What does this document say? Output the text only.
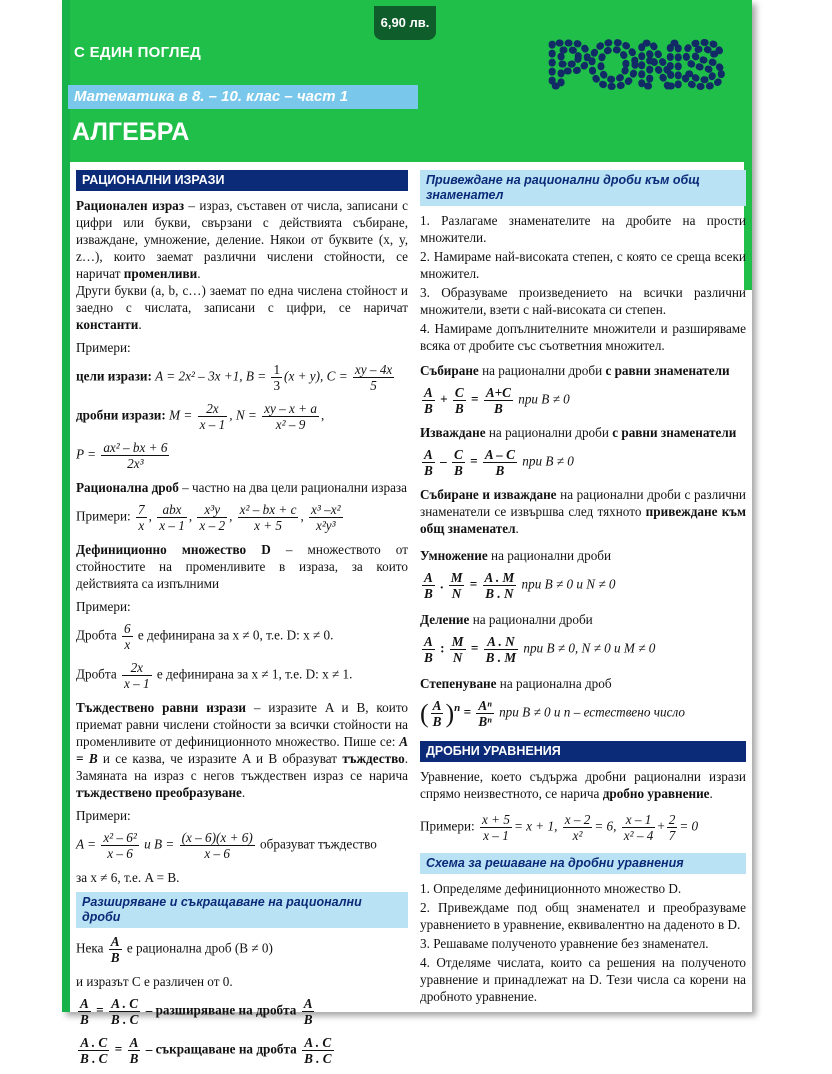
6,90 лв.
С ЕДИН ПОГЛЕД
Математика в 8. – 10. клас – част 1
АЛГЕБРА
PONS
РАЦИОНАЛНИ ИЗРАЗИ

Рационален израз – израз, съставен от числа, записани с цифри или букви, свързани с действията събиране, изваждане, умножение, деление. Някои от буквите (x, y, z…), които заемат различни числени стойности, се наричат променливи.
Други букви (a, b, c…) заемат по една числена стойност и заедно с числата, записани с цифри, се наричат константи.

Примери:

цели изрази: A = 2x² – 3x +1, $B = \frac{1}{3} (x + y)$, $C = \frac{xy - 4x}{5}$
дробни изрази: $M = \frac{2x}{x - 1}$ , $N = \frac{xy - x + a}{\text{x² – 9}}$ ,
$P = \frac{\text{ax² – bx + 6}}{\text{2x³}}$

Рационална дроб – частно на два цели рационални израза

Примери: $\frac{7}{x}$ , $\frac{\text{abx}}{x - 1}$ , $\frac{\text{x³y}}{x - 2}$ , $\frac{\text{x² – bx + c}}{x + 5}$ , $\frac{\text{x³ –x²}}{\text{x²y³}}$

Дефиниционно множество D – множеството от стойностите на променливите в израза, за които действията са изпълними

Примери:

Дробта $\frac{6}{x}$ е дефинирана за x ≠ 0, т.е. D: x ≠ 0.
Дробта $\frac{2x}{x - 1}$ е дефинирана за x ≠ 1, т.е. D: x ≠ 1.

Тъждествено равни изрази – изразите A и B, които приемат равни числени стойности за всички стойности на променливите от дефиниционното множество. Пише се: A = B и се казва, че изразите A и B образуват тъждество. Замяната на израз с негов тъждествен израз се нарича тъждествено преобразуване.

Примери:

$A = \frac{\text{x² – 6²}}{x - 6}$ и $B = \frac{(x - 6)(x + 6)}{x - 6}$ образуват тъждество

за x ≠ 6, т.е. A = B.

Разширяване и съкращаване на рационални дроби
Нека $\frac{A}{B}$ е рационална дроб (B ≠ 0)

и изразът C е различен от 0.

$\frac{A}{B} = \frac{A . C}{B . C}$ – разширяване на дробта $\frac{A}{B}$
$\frac{A . C}{B . C} = \frac{A}{B}$ – съкращаване на дробта $\frac{A . C}{B . C}$
Привеждане на рационални дроби към общ знаменател

1. Разлагаме знаменателите на дробите на прости множители.

2. Намираме най-високата степен, с която се среща всеки множител.

3. Образуваме произведението на всички различни множители, взети с най-високата си степен.

4. Намираме допълнителните множители и разширяваме всяка от дробите със съответния множител.

Събиране на рационални дроби с равни знаменатели

$\frac{A}{B} + \frac{C}{B} = \frac{A+C}{B}$ при B ≠ 0

Изваждане на рационални дроби с равни знаменатели

$\frac{A}{B} - \frac{C}{B} = \frac{A - C}{B}$ при B ≠ 0

Събиране и изваждане на рационални дроби с различни знаменатели се извършва след тяхното привеждане към общ знаменател.

Умножение на рационални дроби

$\frac{A}{B}$ . $\frac{M}{N} = \frac{A . M}{B . N}$ при B ≠ 0 и N ≠ 0

Деление на рационални дроби

$\frac{A}{B}$ : $\frac{M}{N} = \frac{A . N}{B . M}$ при B ≠ 0, N ≠ 0 и M ≠ 0

Степенуване на рационална дроб

( $\frac{A}{B} )^n = \frac{\text{Aⁿ}}{\text{Bⁿ}}$ при B ≠ 0 и n – естествено число
ДРОБНИ УРАВНЕНИЯ

Уравнение, което съдържа дробни рационални изрази спрямо неизвестното, се нарича дробно уравнение.

Примери: $\frac{x + 5}{x - 1} = x + 1$, $\frac{x - 2}{\text{x²}} = 6$, $\frac{x - 1}{\text{x² – 4}} + \frac{2}{7} = 0$
Схема за решаване на дробни уравнения

1. Определяме дефиниционното множество D.

2. Привеждаме под общ знаменател и преобразуваме уравнението в уравнение, еквивалентно на даденото в D.

3. Решаваме полученото уравнение без знаменател.

4. Отделяме числата, които са решения на полученото уравнение и принадлежат на D. Тези числа са корени на дробното уравнение.
